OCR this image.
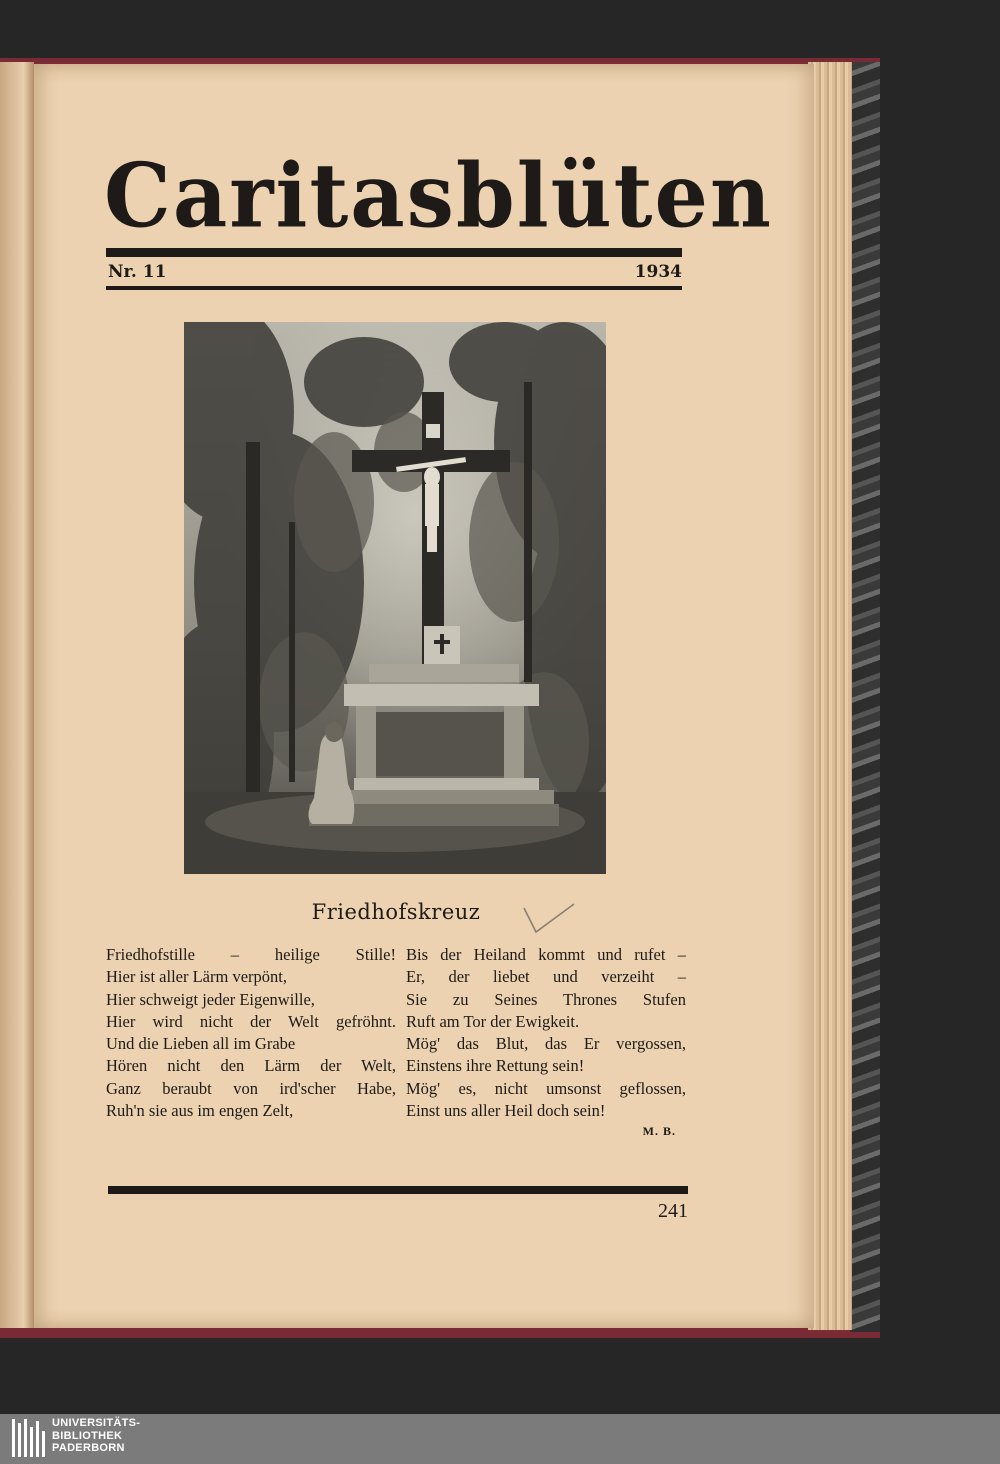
Caritasblüten
Nr. 11	1934
Friedhofskreuz
Friedhofstille – heilige Stille!
Hier ist aller Lärm verpönt,
Hier schweigt jeder Eigenwille,
Hier wird nicht der Welt gefröhnt.
Und die Lieben all im Grabe
Hören nicht den Lärm der Welt,
Ganz beraubt von ird'scher Habe,
Ruh'n sie aus im engen Zelt,
Bis der Heiland kommt und rufet –
Er, der liebet und verzeiht –
Sie zu Seines Thrones Stufen
Ruft am Tor der Ewigkeit.
Mög' das Blut, das Er vergossen,
Einstens ihre Rettung sein!
Mög' es, nicht umsonst geflossen,
Einst uns aller Heil doch sein!
M. B.
241
UNIVERSITÄTS-
BIBLIOTHEK
PADERBORN
